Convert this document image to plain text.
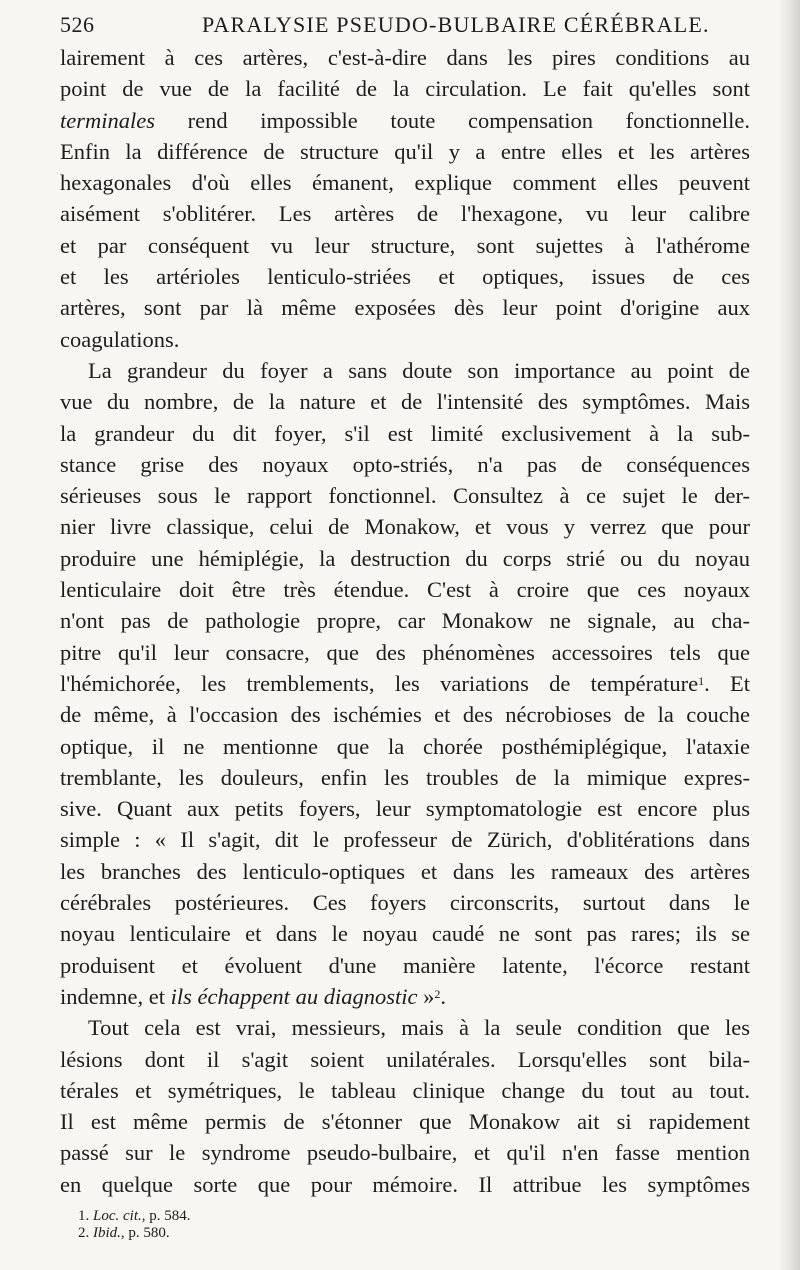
526	PARALYSIE PSEUDO-BULBAIRE CÉRÉBRALE.
lairement à ces artères, c'est-à-dire dans les pires conditions au
point de vue de la facilité de la circulation. Le fait qu'elles sont
terminales rend impossible toute compensation fonctionnelle.
Enfin la différence de structure qu'il y a entre elles et les artères
hexagonales d'où elles émanent, explique comment elles peuvent
aisément s'oblitérer. Les artères de l'hexagone, vu leur calibre
et par conséquent vu leur structure, sont sujettes à l'athérome
et les artérioles lenticulo-striées et optiques, issues de ces
artères, sont par là même exposées dès leur point d'origine aux
coagulations.
La grandeur du foyer a sans doute son importance au point de
vue du nombre, de la nature et de l'intensité des symptômes. Mais
la grandeur du dit foyer, s'il est limité exclusivement à la sub-
stance grise des noyaux opto-striés, n'a pas de conséquences
sérieuses sous le rapport fonctionnel. Consultez à ce sujet le der-
nier livre classique, celui de Monakow, et vous y verrez que pour
produire une hémiplégie, la destruction du corps strié ou du noyau
lenticulaire doit être très étendue. C'est à croire que ces noyaux
n'ont pas de pathologie propre, car Monakow ne signale, au cha-
pitre qu'il leur consacre, que des phénomènes accessoires tels que
l'hémichorée, les tremblements, les variations de température$^1$. Et
de même, à l'occasion des ischémies et des nécrobioses de la couche
optique, il ne mentionne que la chorée posthémiplégique, l'ataxie
tremblante, les douleurs, enfin les troubles de la mimique expres-
sive. Quant aux petits foyers, leur symptomatologie est encore plus
simple : « Il s'agit, dit le professeur de Zürich, d'oblitérations dans
les branches des lenticulo-optiques et dans les rameaux des artères
cérébrales postérieures. Ces foyers circonscrits, surtout dans le
noyau lenticulaire et dans le noyau caudé ne sont pas rares; ils se
produisent et évoluent d'une manière latente, l'écorce restant
indemne, et ils échappent au diagnostic »$^2$.
Tout cela est vrai, messieurs, mais à la seule condition que les
lésions dont il s'agit soient unilatérales. Lorsqu'elles sont bila-
térales et symétriques, le tableau clinique change du tout au tout.
Il est même permis de s'étonner que Monakow ait si rapidement
passé sur le syndrome pseudo-bulbaire, et qu'il n'en fasse mention
en quelque sorte que pour mémoire. Il attribue les symptômes
1. Loc. cit., p. 584.
2. Ibid., p. 580.
